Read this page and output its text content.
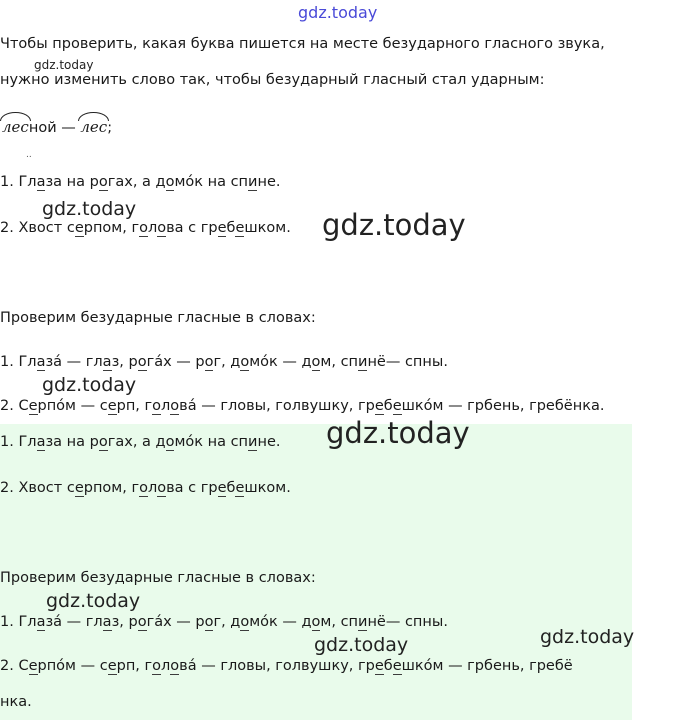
gdz.today
gdz.today
Чтобы проверить, какая буква пишется на месте безударного гласного звука,
нужно изменить слово так, чтобы безударный гласный стал ударным:
лесной — лес;
..
1. Глаза на рогах, а домо́к на спине.
gdz.today
2. Хвост серпом, голова с гребешком. gdz.today
Проверим безударные гласные в словах:
1. Глаза́ — глаз, рога́х — рог, домо́к — дом, спинё— спны.
gdz.today
2. Серпо́м — серп, голова́ — гловы, голвушку, гребешко́м — грбень, гребёнка.
1. Глаза на рогах, а домо́к на спине. gdz.today
2. Хвост серпом, голова с гребешком.
Проверим безударные гласные в словах:
gdz.today
1. Глаза́ — глаз, рога́х — рог, домо́к — дом, спинё— спны.
gdz.today	gdz.today
2. Серпо́м — серп, голова́ — гловы, голвушку, гребешко́м — грбень, гребё
нка.
